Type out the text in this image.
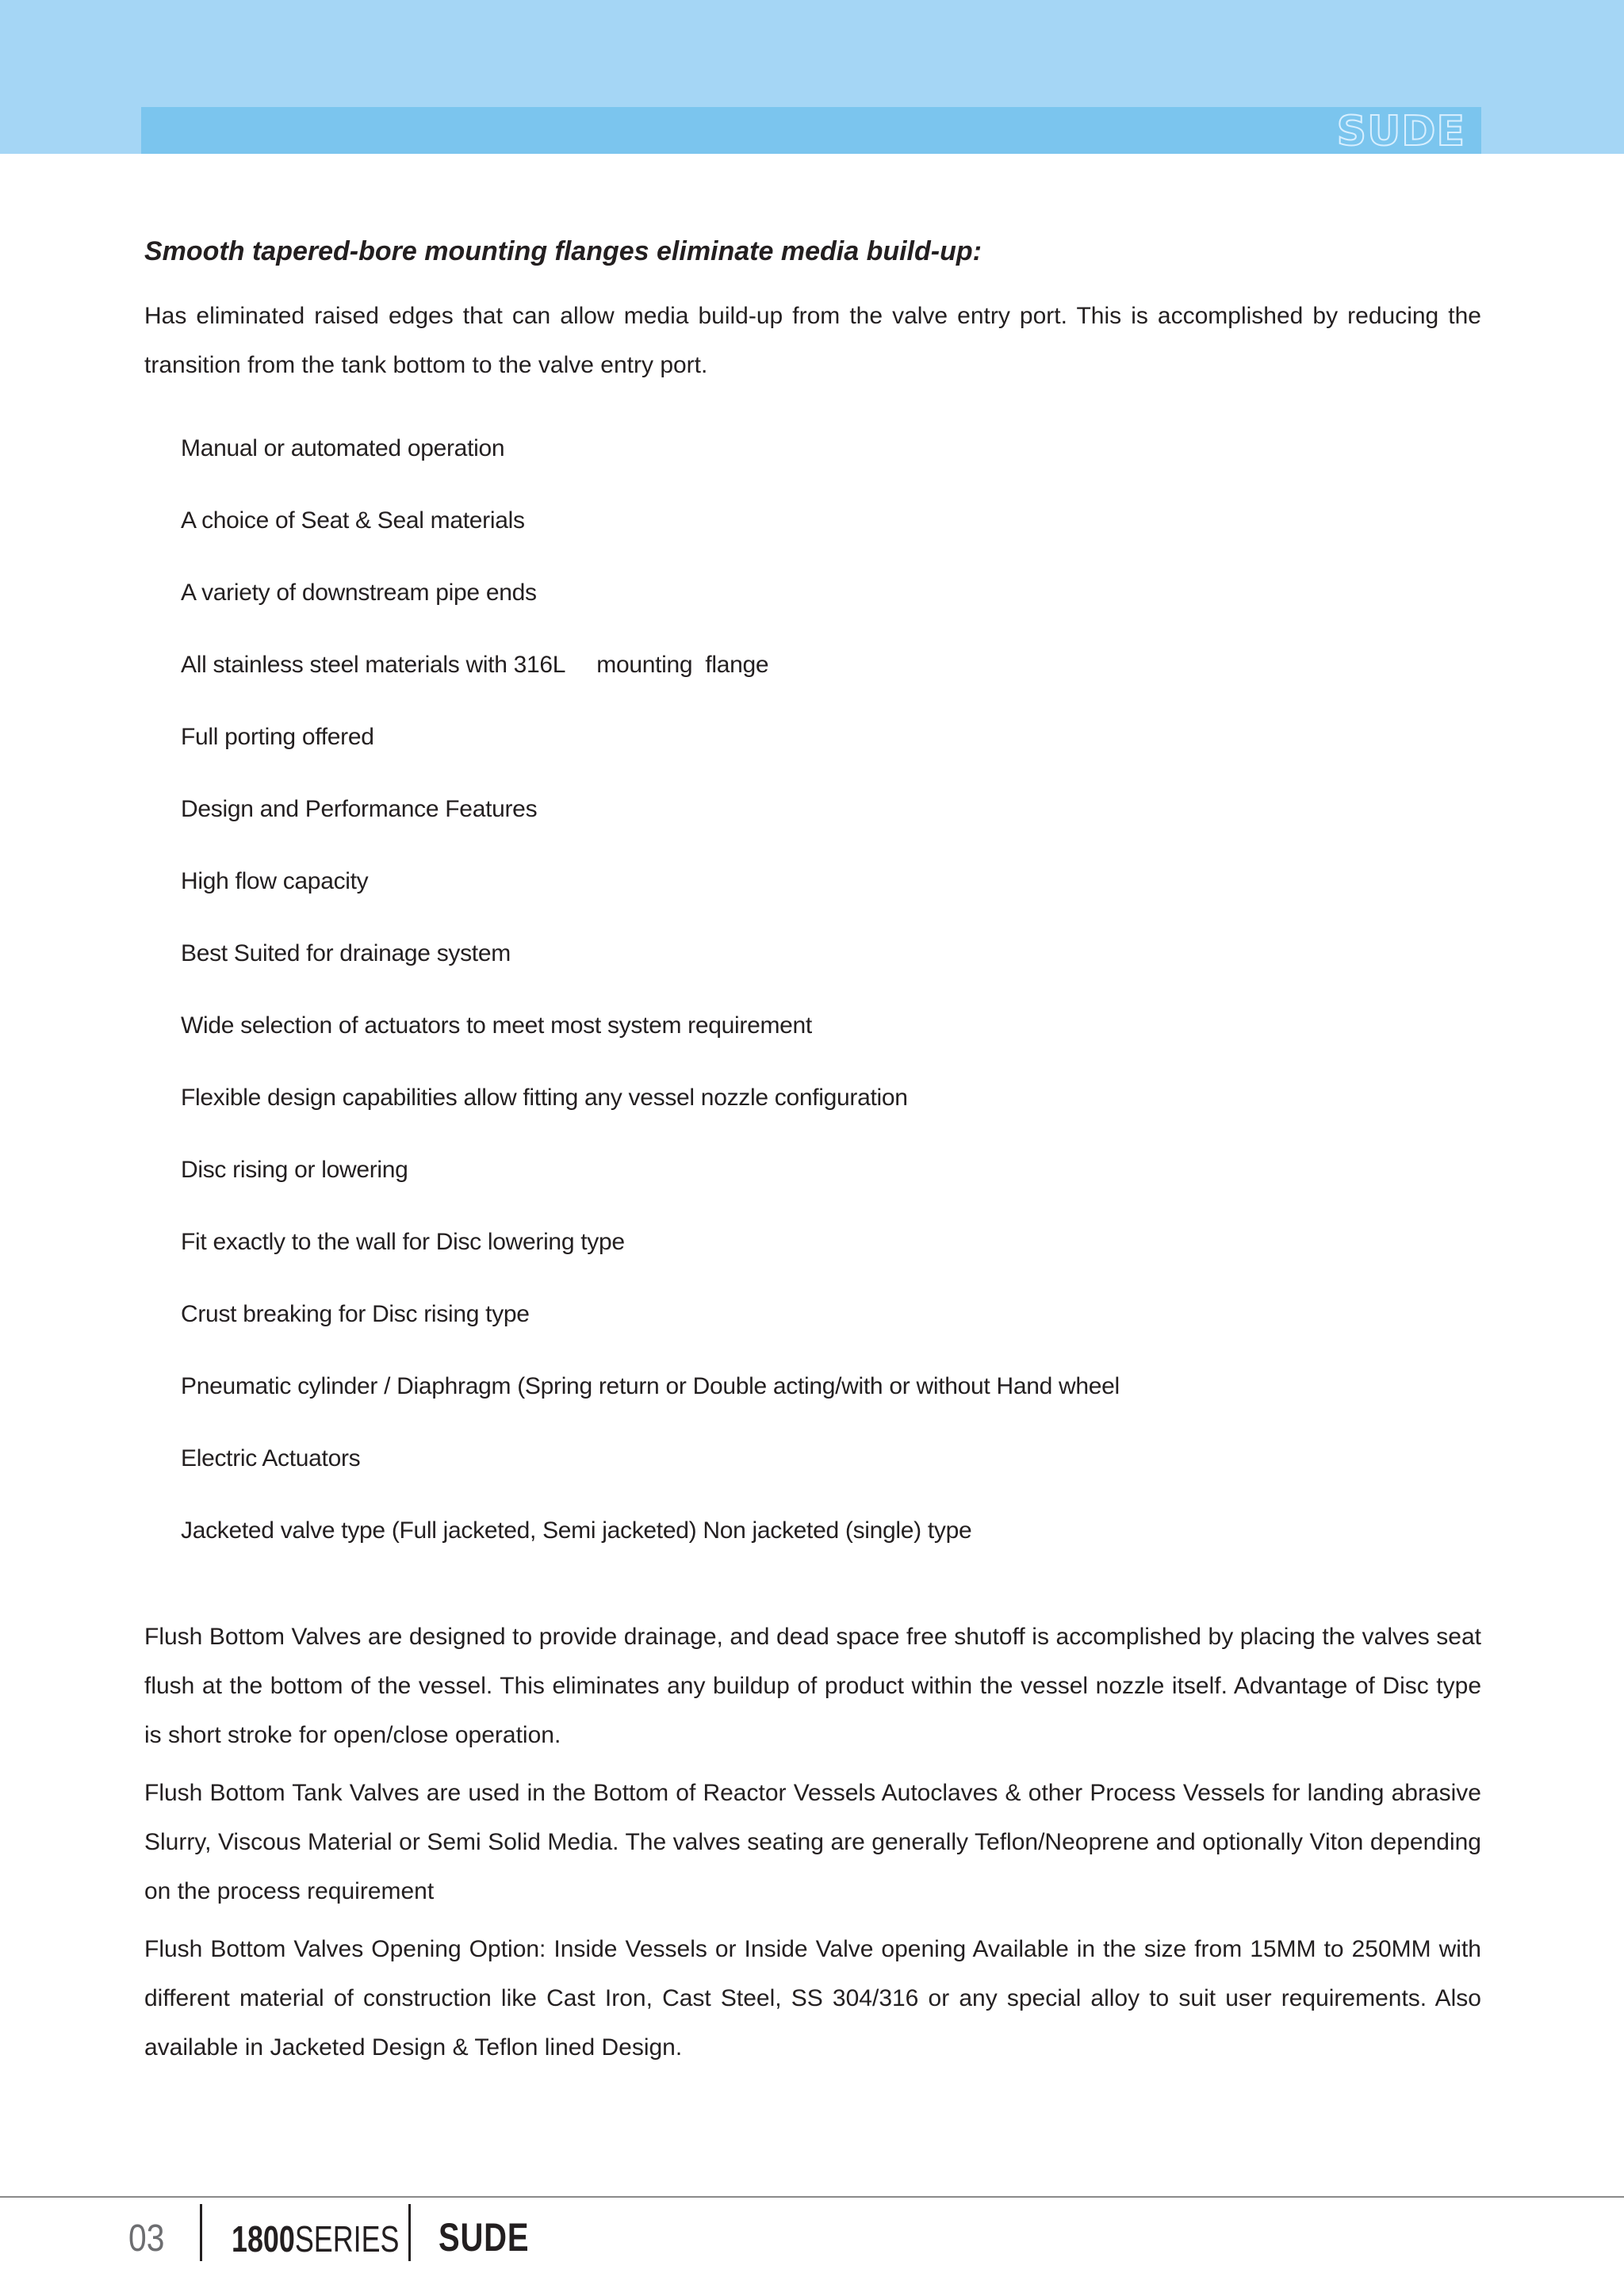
SUDE
Smooth tapered-bore mounting flanges eliminate media build-up:

Has eliminated raised edges that can allow media build-up from the valve entry port. This is accomplished by reducing the transition from the tank bottom to the valve entry port.

Manual or automated operation
A choice of Seat & Seal materials
A variety of downstream pipe ends
All stainless steel materials with 316L     mounting  flange
Full porting offered
Design and Performance Features
High flow capacity
Best Suited for drainage system
Wide selection of actuators to meet most system requirement
Flexible design capabilities allow fitting any vessel nozzle configuration
Disc rising or lowering
Fit exactly to the wall for Disc lowering type
Crust breaking for Disc rising type
Pneumatic cylinder / Diaphragm (Spring return or Double acting/with or without Hand wheel
Electric Actuators
Jacketed valve type (Full jacketed, Semi jacketed) Non jacketed (single) type

Flush Bottom Valves are designed to provide drainage, and dead space free shutoff is accomplished by placing the valves seat flush at the bottom of the vessel. This eliminates any buildup of product within the vessel nozzle itself. Advantage of Disc type is short stroke for open/close operation.

Flush Bottom Tank Valves are used in the Bottom of Reactor Vessels Autoclaves & other Process Vessels for landing abrasive Slurry, Viscous Material or Semi Solid Media. The valves seating are generally Teflon/Neoprene and optionally Viton depending on the process requirement

Flush Bottom Valves Opening Option: Inside Vessels or Inside Valve opening Available in the size from 15MM to 250MM with different material of construction like Cast Iron, Cast Steel, SS 304/316 or any special alloy to suit user requirements. Also available in Jacketed Design & Teflon lined Design.

03 1800SERIES SUDE
